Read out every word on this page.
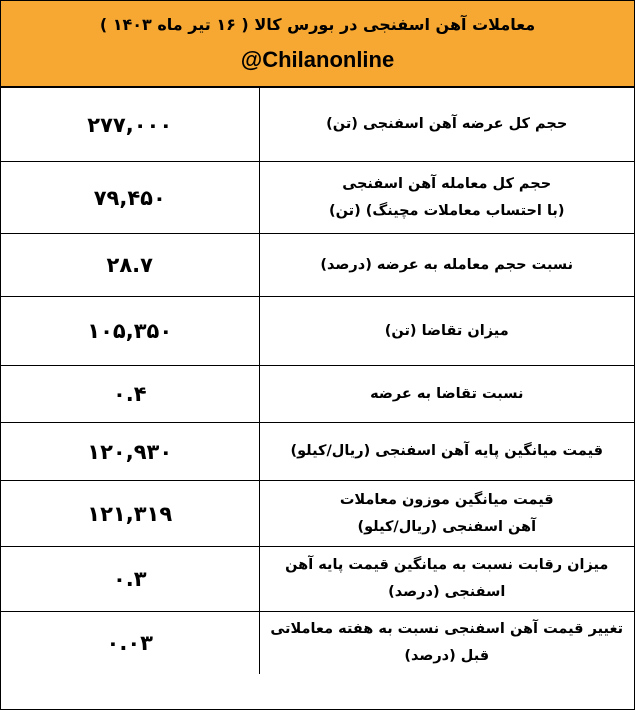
معاملات آهن اسفنجی در بورس کالا ( ۱۶ تیر ماه ۱۴۰۳ )
@Chilanonline
۲۷۷,۰۰۰	حجم کل عرضه آهن اسفنجی (تن)

۷۹,۴۵۰	حجم کل معامله آهن اسفنجی
(با احتساب معاملات مچینگ) (تن)

۲۸.۷	نسبت حجم معامله به عرضه (درصد)

۱۰۵,۳۵۰	میزان تقاضا (تن)

۰.۴	نسبت تقاضا به عرضه

۱۲۰,۹۳۰	قیمت میانگین پایه آهن اسفنجی (ریال/کیلو)

۱۲۱,۳۱۹	قیمت میانگین موزون معاملات
آهن اسفنجی (ریال/کیلو)

۰.۳	میزان رقابت نسبت به میانگین قیمت پایه آهن
اسفنجی (درصد)

۰.۰۳	تغییر قیمت آهن اسفنجی نسبت به هفته معاملاتی
قبل (درصد)
